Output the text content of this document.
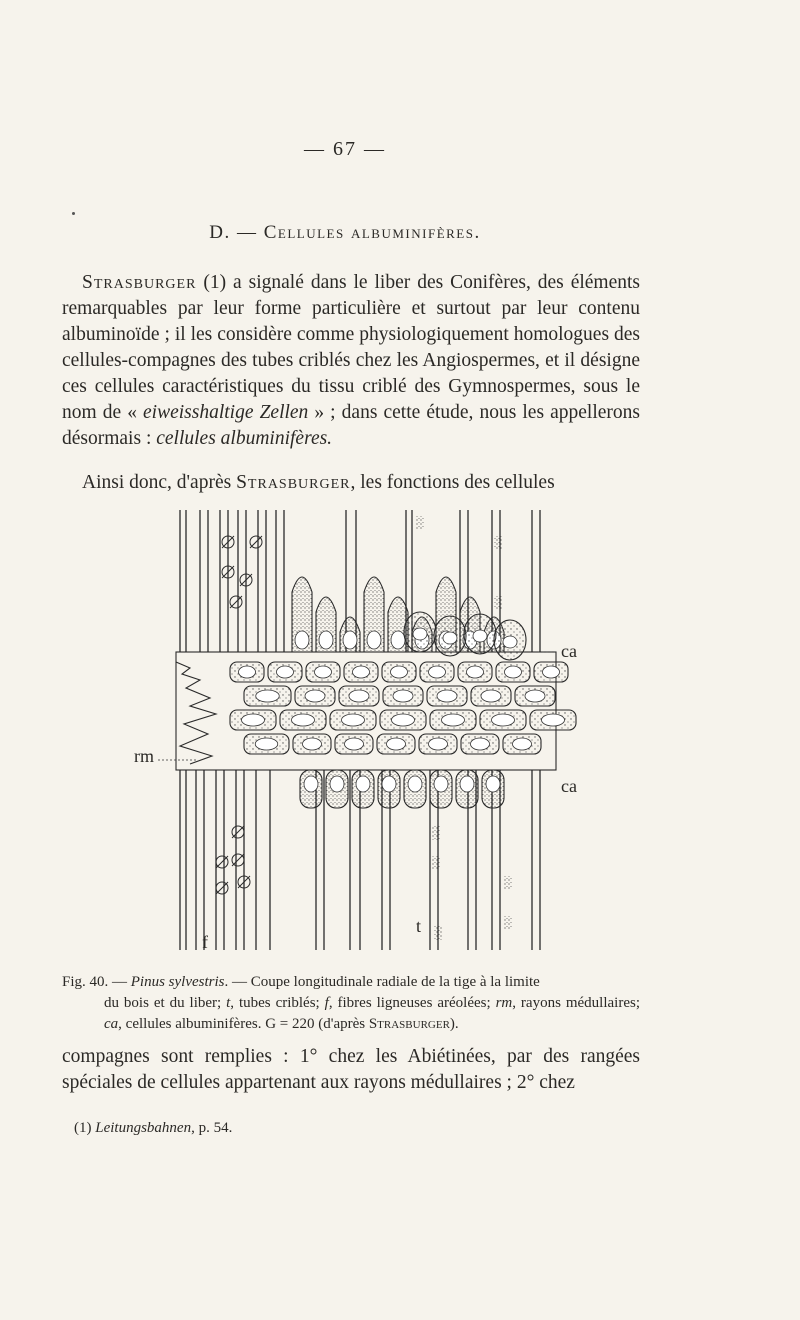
— 67 —
D. — Cellules albuminifères.

Strasburger (1) a signalé dans le liber des Conifères, des éléments remarquables par leur forme particulière et surtout par leur contenu albuminoïde ; il les considère comme physiologiquement homologues des cellules-compagnes des tubes criblés chez les Angiospermes, et il désigne ces cellules caractéristiques du tissu criblé des Gymnospermes, sous le nom de « eiweisshaltige Zellen » ; dans cette étude, nous les appellerons désormais : cellules albuminifères.

Ainsi donc, d'après Strasburger, les fonctions des cellules

ca
ca
rm
f
t

Fig. 40. — Pinus sylvestris. — Coupe longitudinale radiale de la tige à la limite
du bois et du liber; t, tubes criblés; f, fibres ligneuses aréolées; rm, rayons médullaires; ca, cellules albuminifères. G = 220 (d'après Strasburger).

compagnes sont remplies : 1° chez les Abiétinées, par des rangées spéciales de cellules appartenant aux rayons médullaires ; 2° chez

(1) Leitungsbahnen, p. 54.
